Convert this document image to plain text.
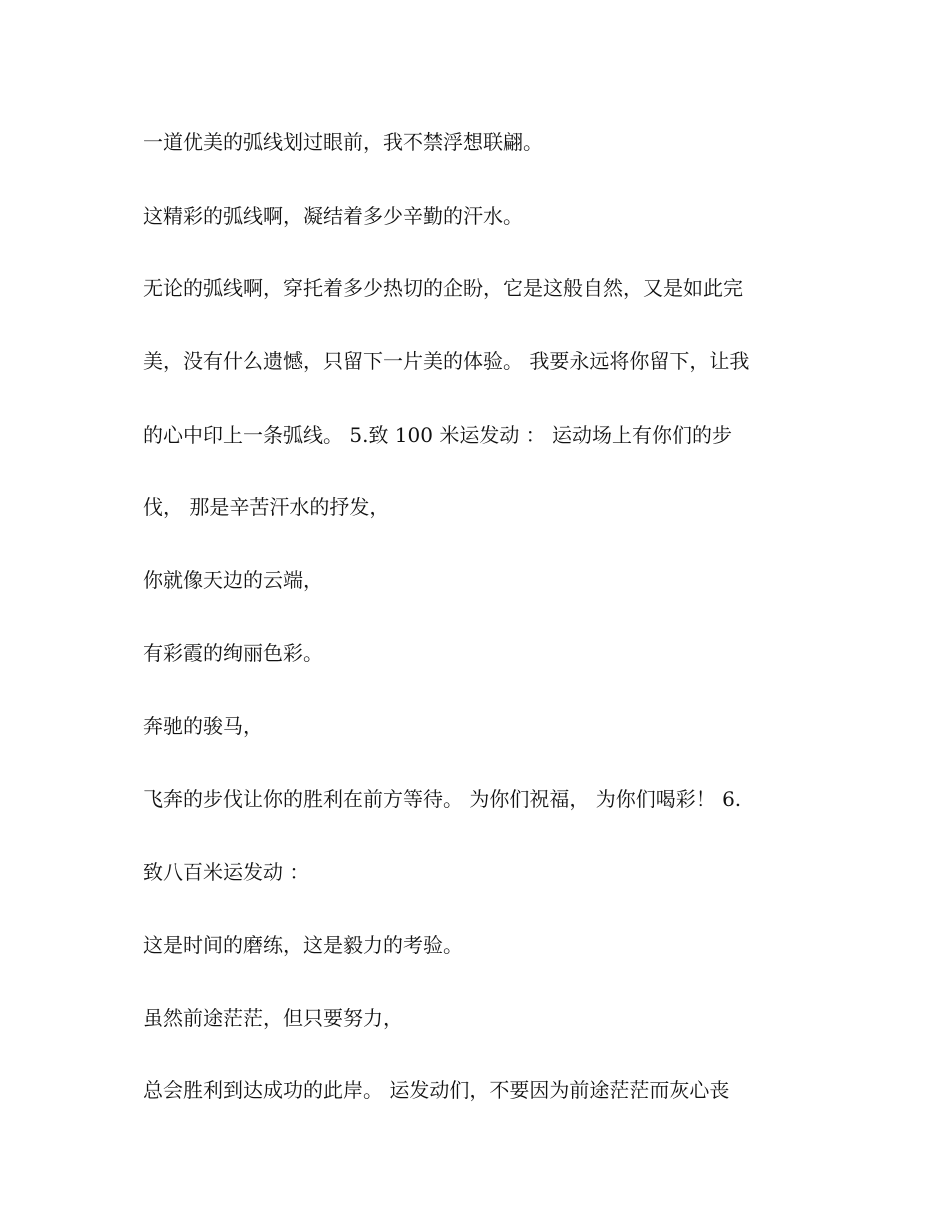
一道优美的弧线划过眼前，我不禁浮想联翩。
这精彩的弧线啊，凝结着多少辛勤的汗水。
无论的弧线啊，穿托着多少热切的企盼，它是这般自然，又是如此完
美，没有什么遗憾，只留下一片美的体验。 我要永远将你留下，让我
的心中印上一条弧线。 5.致 100 米运发动 ： 运动场上有你们的步
伐， 那是辛苦汗水的抒发，
你就像天边的云端，
有彩霞的绚丽色彩。
奔驰的骏马，
飞奔的步伐让你的胜利在前方等待。 为你们祝福， 为你们喝彩！ 6.
致八百米运发动 ：
这是时间的磨练，这是毅力的考验。
虽然前途茫茫，但只要努力，
总会胜利到达成功的此岸。 运发动们，不要因为前途茫茫而灰心丧
